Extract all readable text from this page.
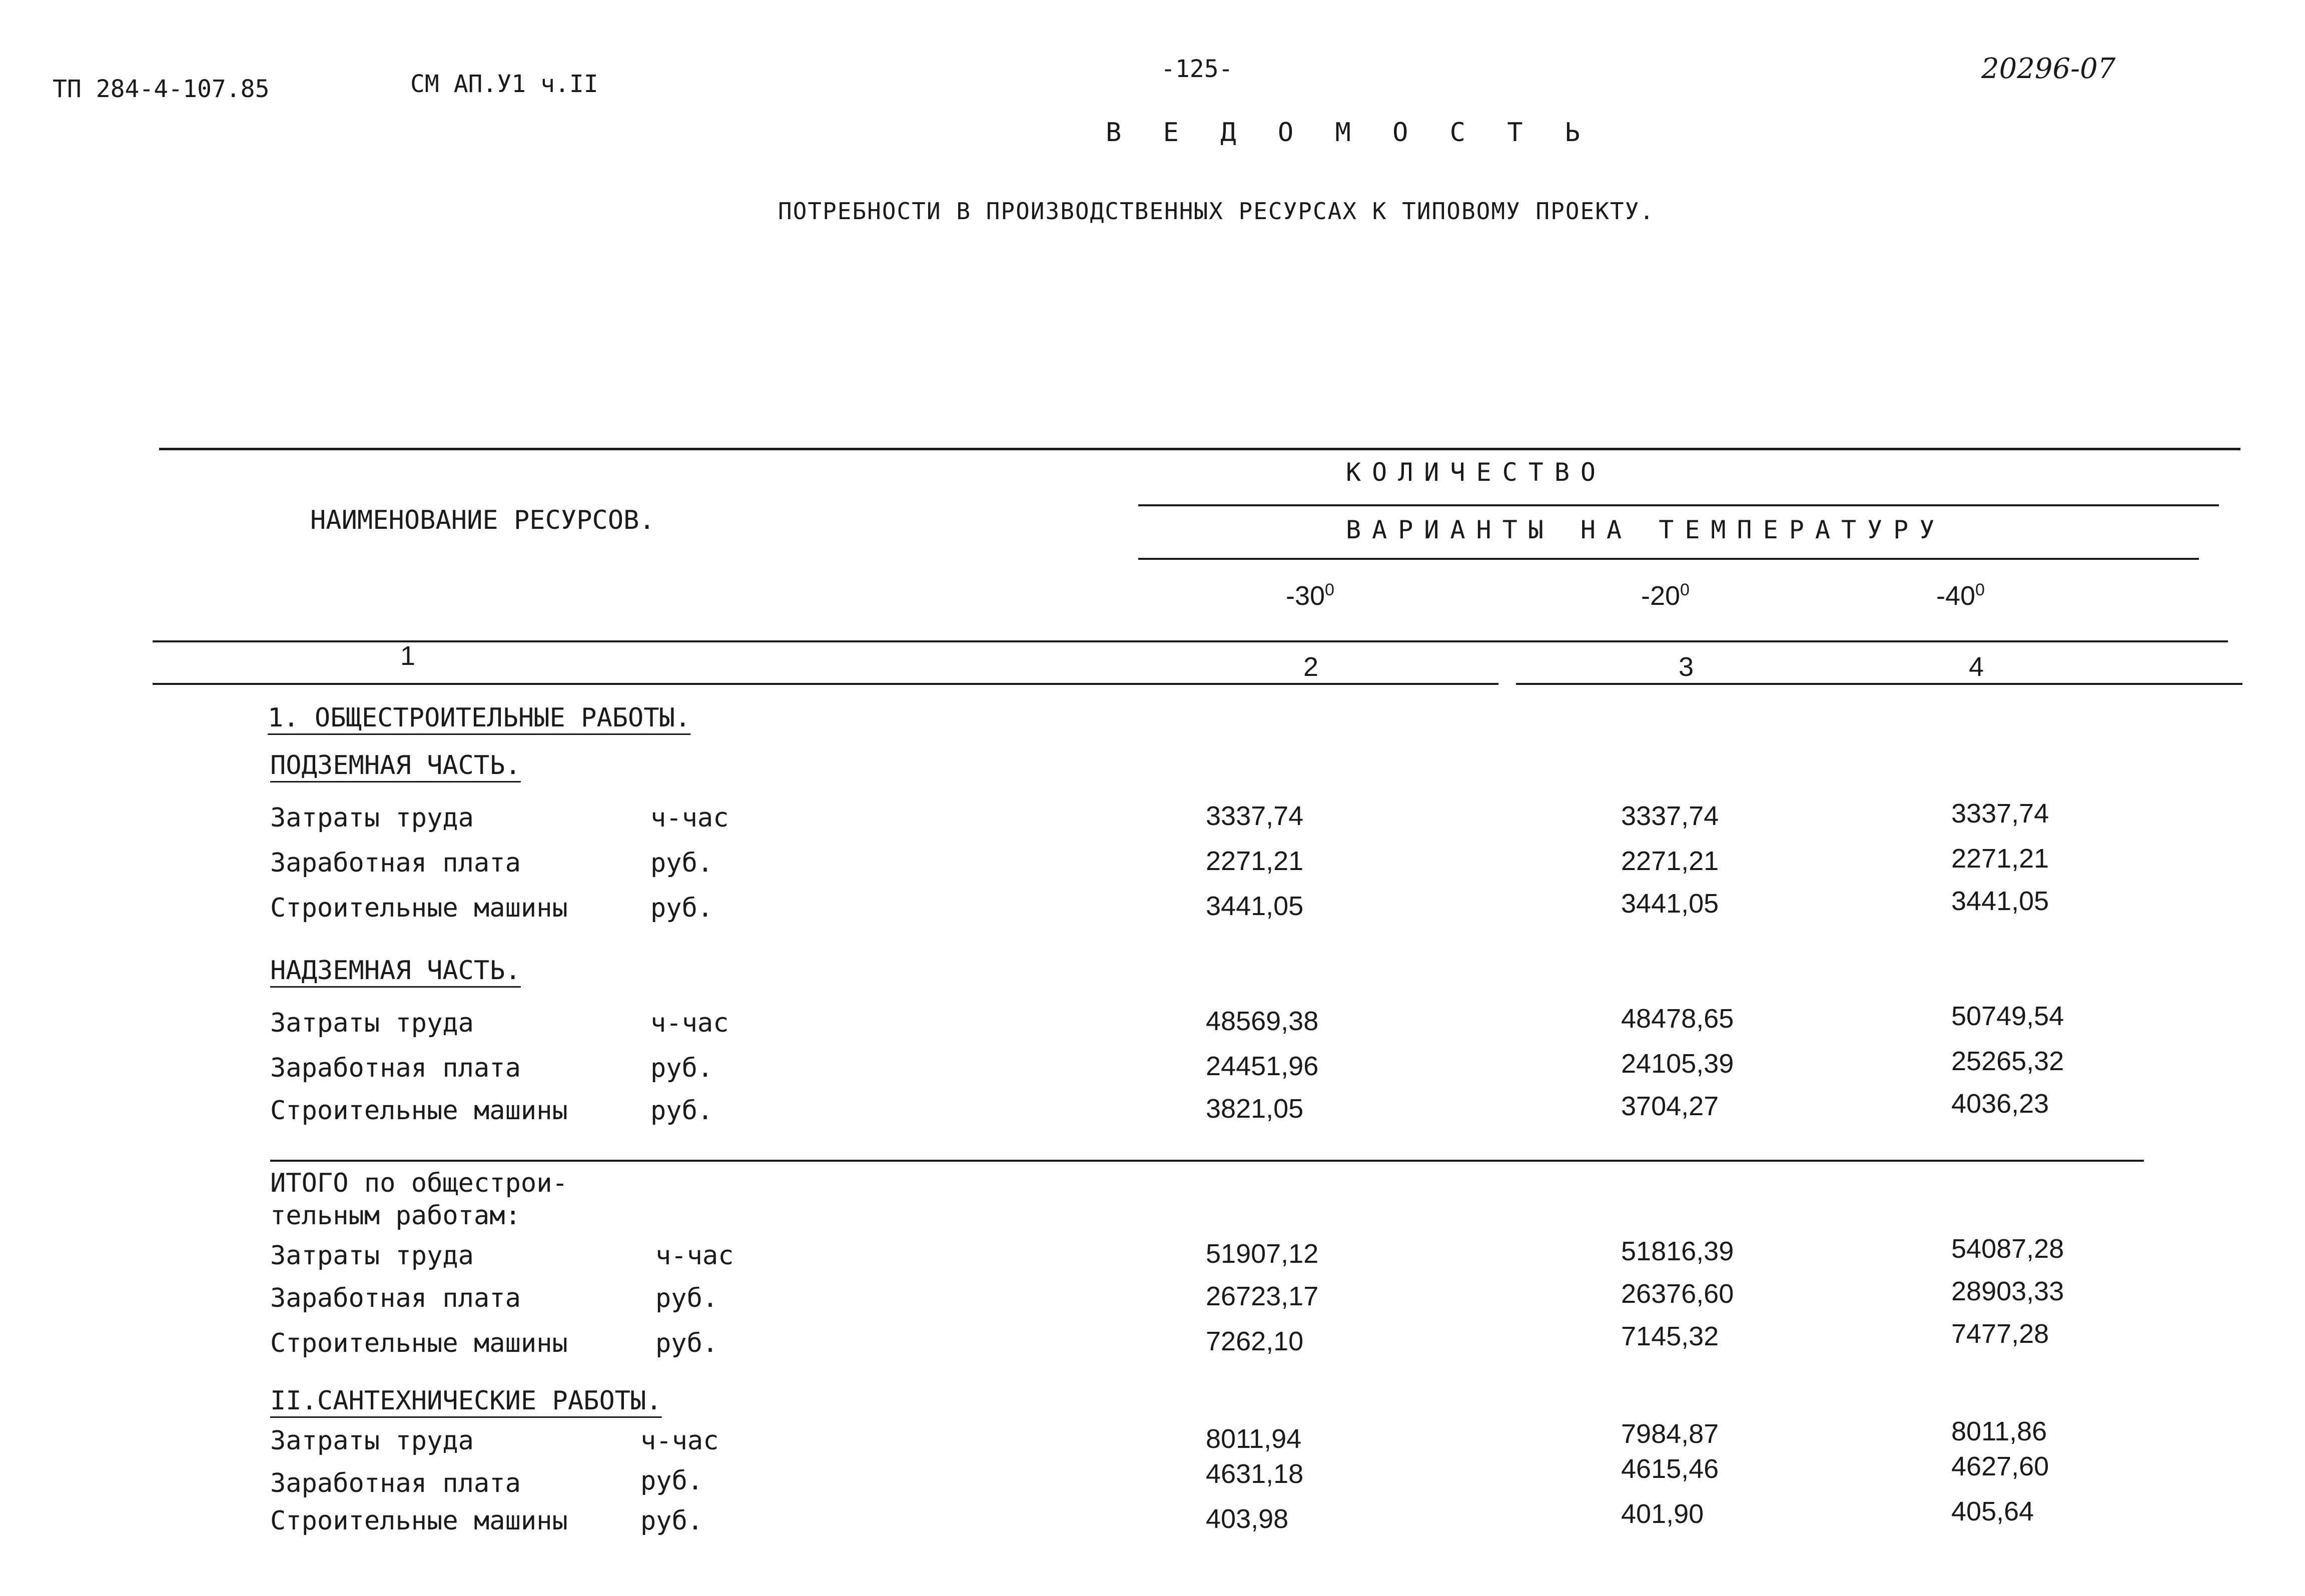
ТП 284-4-107.85	СМ АП.У1 ч.II
-125-	20296-07
В Е Д О М О С Т Ь
ПОТРЕБНОСТИ В ПРОИЗВОДСТВЕННЫХ РЕСУРСАХ К ТИПОВОМУ ПРОЕКТУ.
НАИМЕНОВАНИЕ РЕСУРСОВ.
КОЛИЧЕСТВО
ВАРИАНТЫ НА ТЕМПЕРАТУРУ
$-30^0$	$-20^0$	$-40^0$
1	2	3	4
1. ОБЩЕСТРОИТЕЛЬНЫЕ РАБОТЫ.
ПОДЗЕМНАЯ ЧАСТЬ.
Затраты труда	ч-час	3337,74	3337,74	3337,74
Заработная плата	руб.	2271,21	2271,21	2271,21
Строительные машины	руб.	3441,05	3441,05	3441,05
НАДЗЕМНАЯ ЧАСТЬ.
Затраты труда	ч-час	48569,38	48478,65	50749,54
Заработная плата	руб.	24451,96	24105,39	25265,32
Строительные машины	руб.	3821,05	3704,27	4036,23
ИТОГО по общестрои-
тельным работам:
Затраты труда	ч-час	51907,12	51816,39	54087,28
Заработная плата	руб.	26723,17	26376,60	28903,33
Строительные машины	руб.	7262,10	7145,32	7477,28
II.САНТЕХНИЧЕСКИЕ РАБОТЫ.
Затраты труда	ч-час	8011,94	7984,87	8011,86
Заработная плата	руб.	4631,18	4615,46	4627,60
Строительные машины	руб.	403,98	401,90	405,64
